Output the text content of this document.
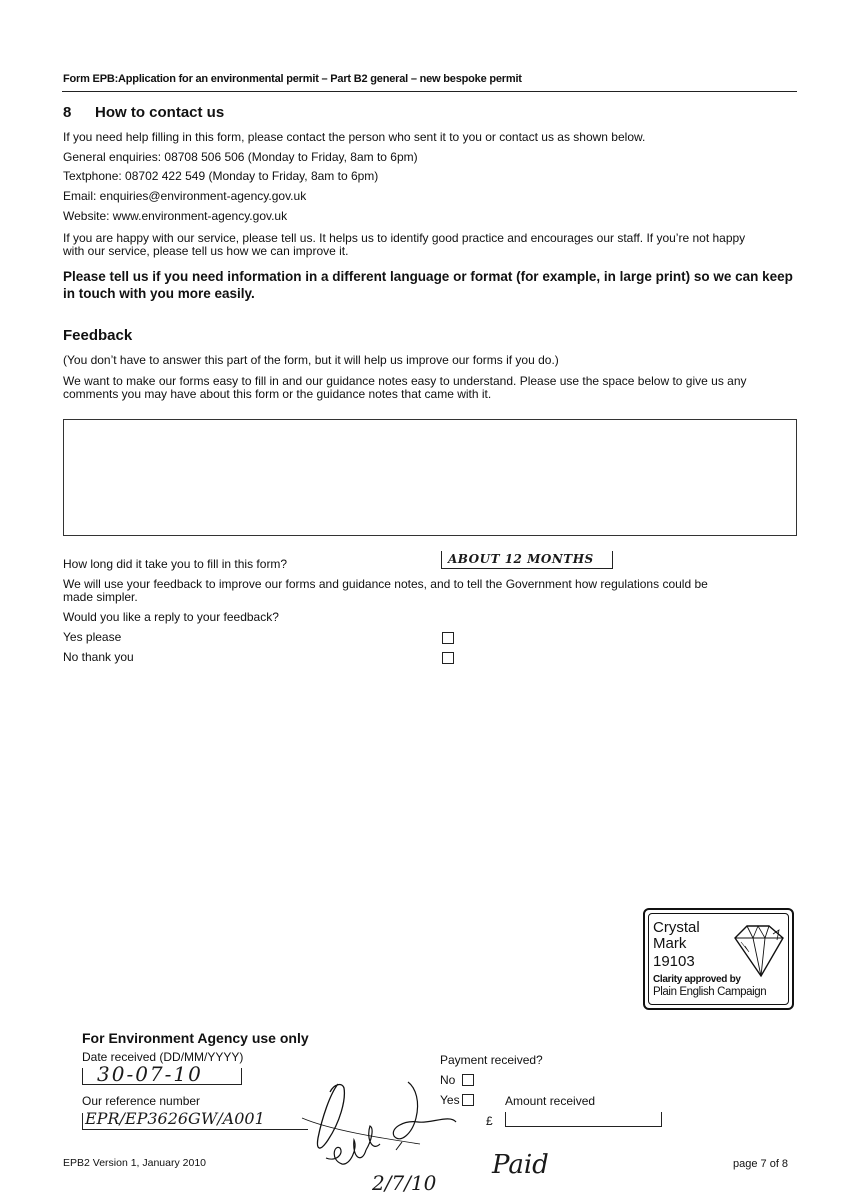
Form EPB:Application for an environmental permit – Part B2 general – new bespoke permit
8 How to contact us
If you need help filling in this form, please contact the person who sent it to you or contact us as shown below.
General enquiries: 08708 506 506 (Monday to Friday, 8am to 6pm)
Textphone: 08702 422 549 (Monday to Friday, 8am to 6pm)
Email: enquiries@environment-agency.gov.uk
Website: www.environment-agency.gov.uk
If you are happy with our service, please tell us. It helps us to identify good practice and encourages our staff. If you’re not happy
with our service, please tell us how we can improve it.
Please tell us if you need information in a different language or format (for example, in large print) so we can keep
in touch with you more easily.
Feedback
(You don’t have to answer this part of the form, but it will help us improve our forms if you do.)
We want to make our forms easy to fill in and our guidance notes easy to understand. Please use the space below to give us any
comments you may have about this form or the guidance notes that came with it.
How long did it take you to fill in this form?	ABOUT 12 MONTHS
We will use your feedback to improve our forms and guidance notes, and to tell the Government how regulations could be
made simpler.
Would you like a reply to your feedback?
Yes please
No thank you
Crystal
Mark
19103
Clarity approved by
Plain English Campaign
For Environment Agency use only
Date received (DD/MM/YYYY)
30-07-10
Our reference number
EPR/EP3626GW/A001
Payment received?
No
Yes	Amount received
£
2/7/10
Paid
EPB2 Version 1, January 2010	page 7 of 8
